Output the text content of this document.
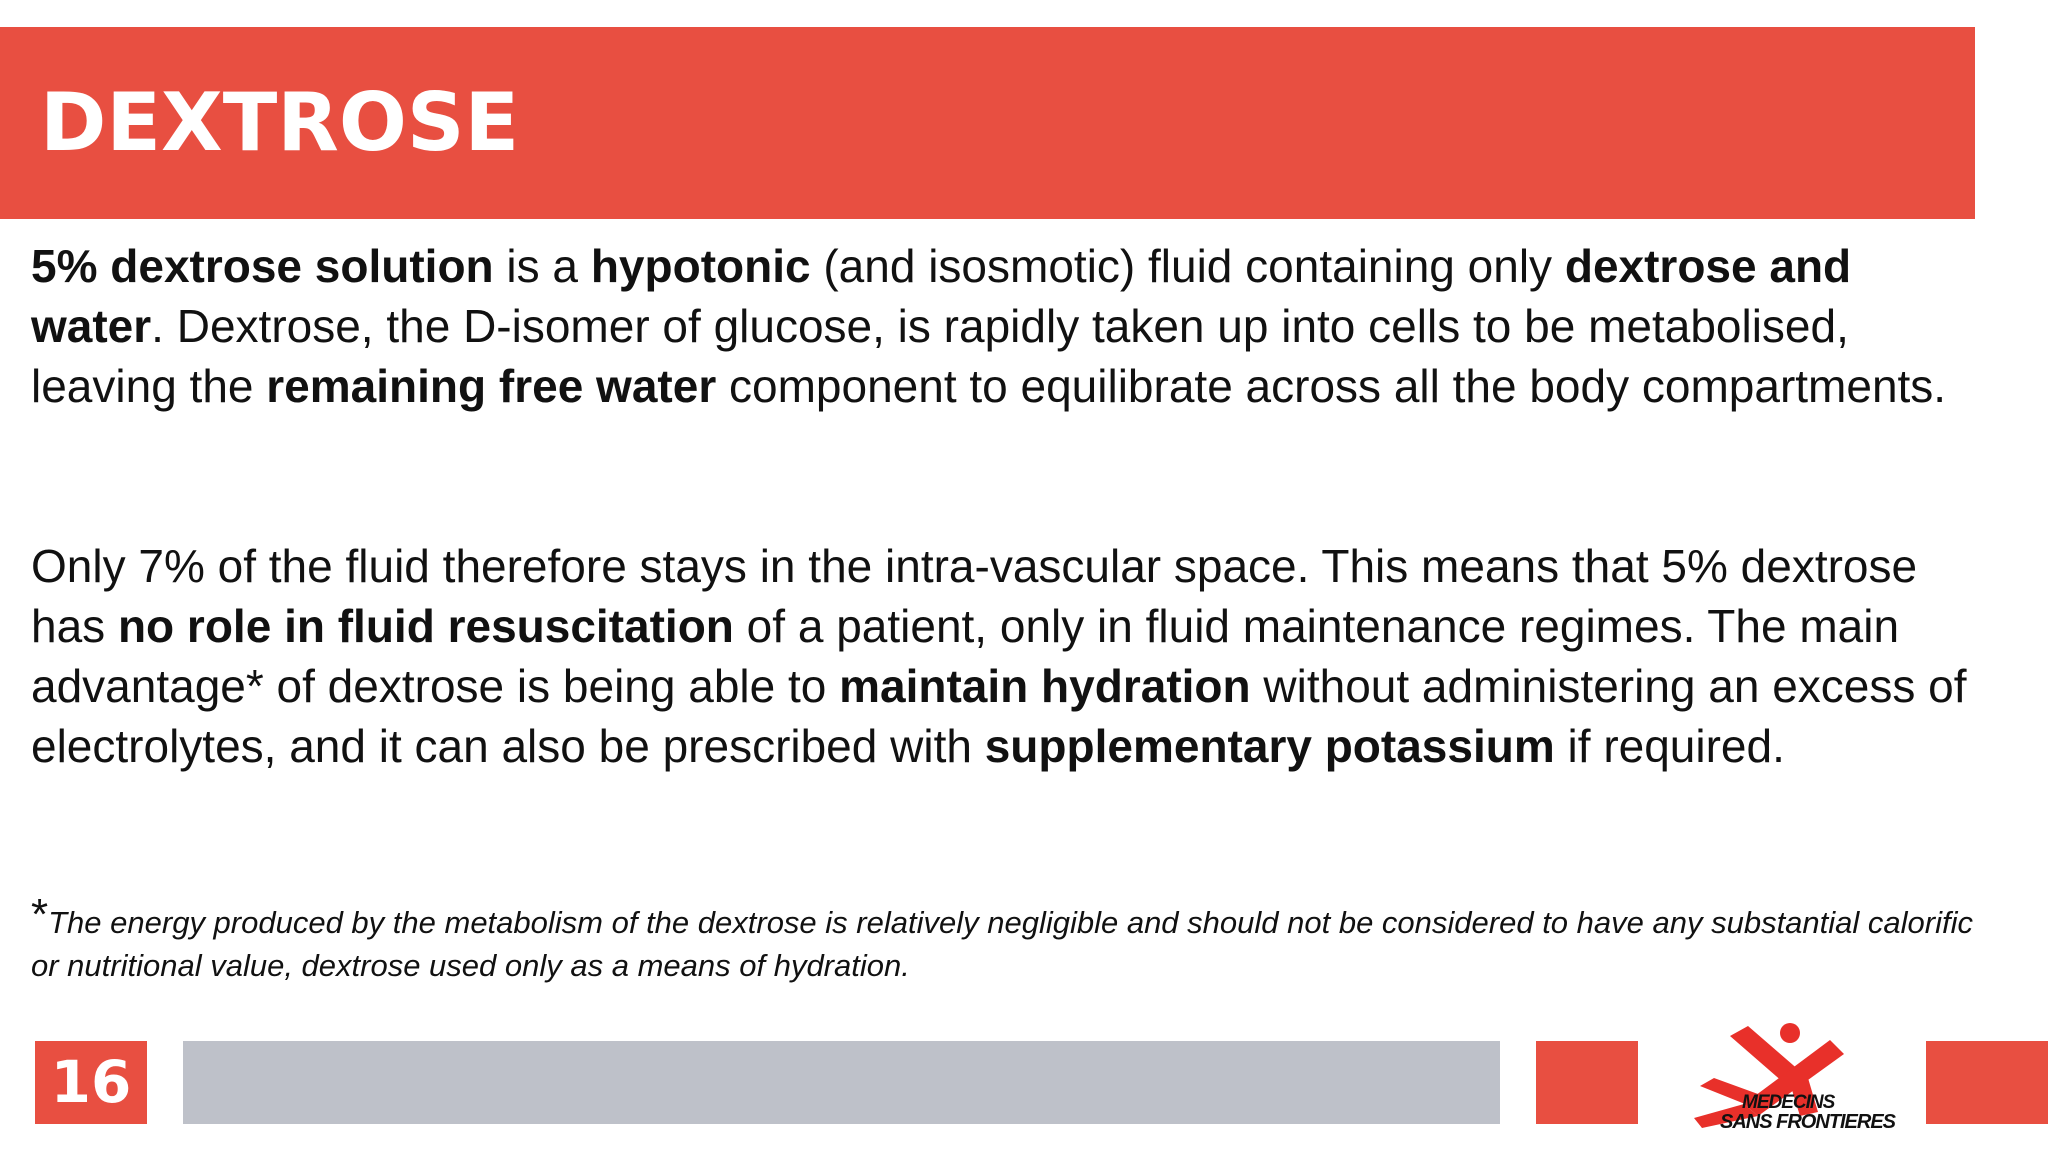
DEXTROSE

5% dextrose solution is a hypotonic (and isosmotic) fluid containing only dextrose and water. Dextrose, the D-isomer of glucose, is rapidly taken up into cells to be metabolised, leaving the remaining free water component to equilibrate across all the body compartments.

Only 7% of the fluid therefore stays in the intra-vascular space. This means that 5% dextrose has no role in fluid resuscitation of a patient, only in fluid maintenance regimes. The main advantage* of dextrose is being able to maintain hydration without administering an excess of electrolytes, and it can also be prescribed with supplementary potassium if required.

*The energy produced by the metabolism of the dextrose is relatively negligible and should not be considered to have any substantial calorific or nutritional value, dextrose used only as a means of hydration.

16	MEDECINS
SANS FRONTIERES
